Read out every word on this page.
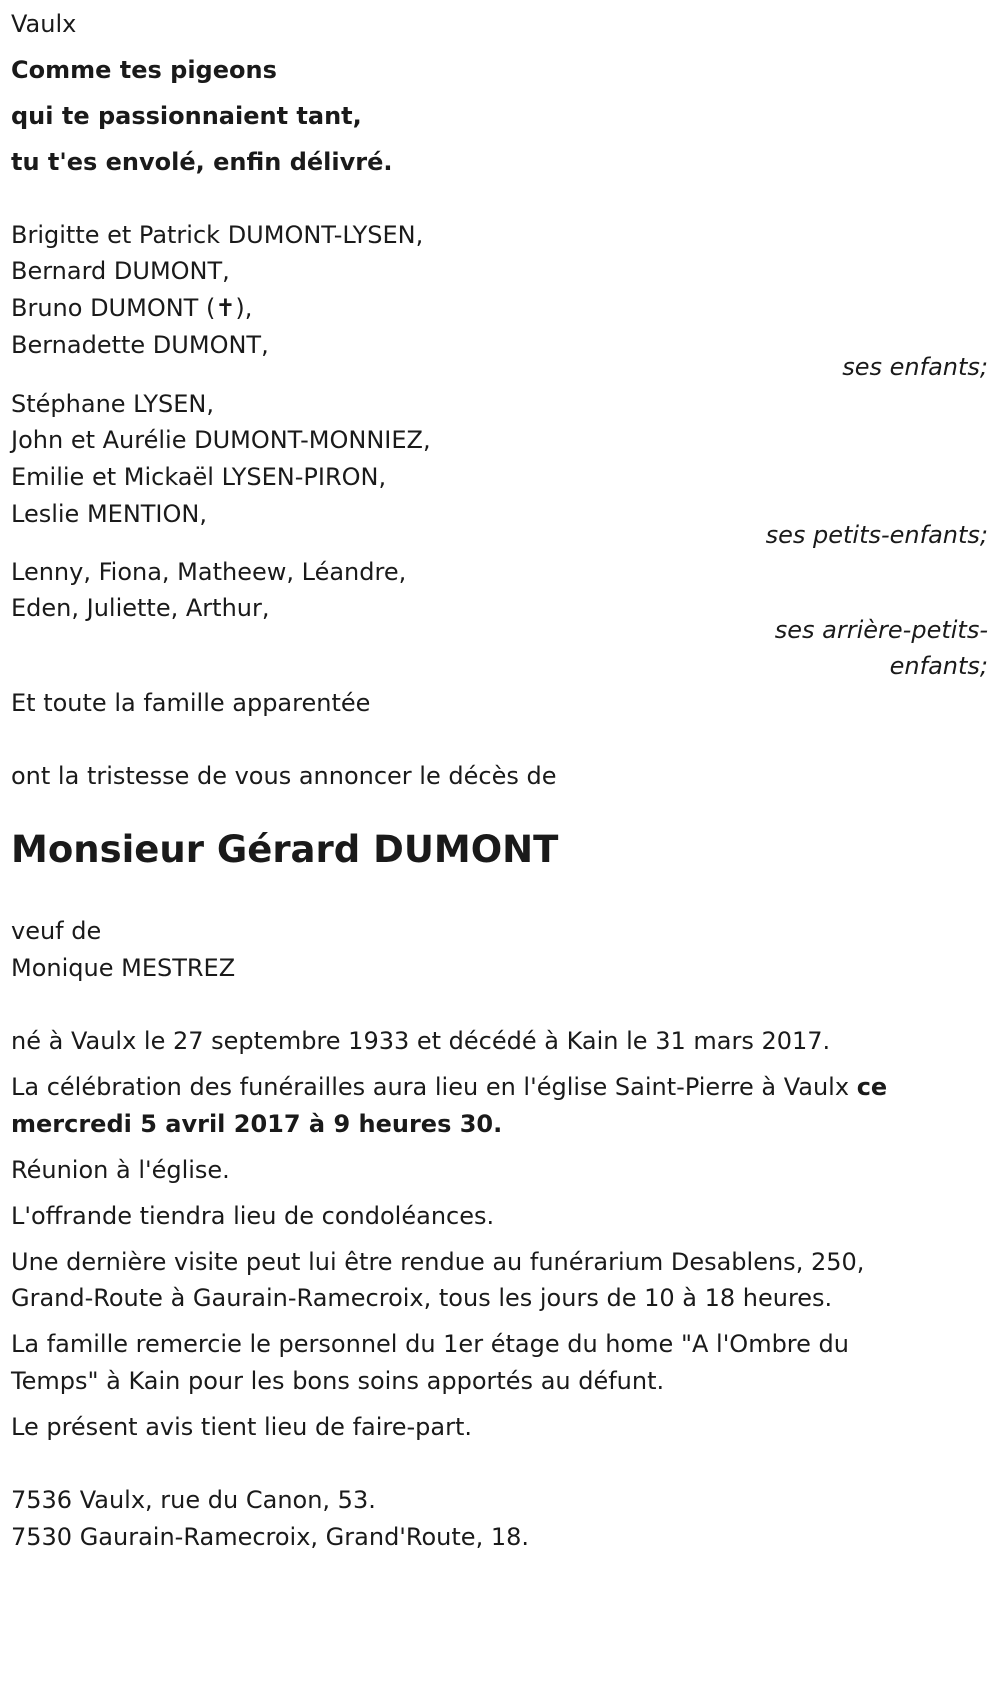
Vaulx
Comme tes pigeons
qui te passionnaient tant,
tu t'es envolé, enfin délivré.
Brigitte et Patrick DUMONT-LYSEN,
Bernard DUMONT,
Bruno DUMONT (✝),
Bernadette DUMONT,
ses enfants;
Stéphane LYSEN,
John et Aurélie DUMONT-MONNIEZ,
Emilie et Mickaël LYSEN-PIRON,
Leslie MENTION,
ses petits-enfants;
Lenny, Fiona, Matheew, Léandre,
Eden, Juliette, Arthur,
ses arrière-petits-
enfants;
Et toute la famille apparentée
ont la tristesse de vous annoncer le décès de
Monsieur Gérard DUMONT
veuf de
Monique MESTREZ
né à Vaulx le 27 septembre 1933 et décédé à Kain le 31 mars 2017.
La célébration des funérailles aura lieu en l'église Saint-Pierre à Vaulx ce
mercredi 5 avril 2017 à 9 heures 30.
Réunion à l'église.
L'offrande tiendra lieu de condoléances.
Une dernière visite peut lui être rendue au funérarium Desablens, 250,
Grand-Route à Gaurain-Ramecroix, tous les jours de 10 à 18 heures.
La famille remercie le personnel du 1er étage du home "A l'Ombre du
Temps" à Kain pour les bons soins apportés au défunt.
Le présent avis tient lieu de faire-part.
7536 Vaulx, rue du Canon, 53.
7530 Gaurain-Ramecroix, Grand'Route, 18.
